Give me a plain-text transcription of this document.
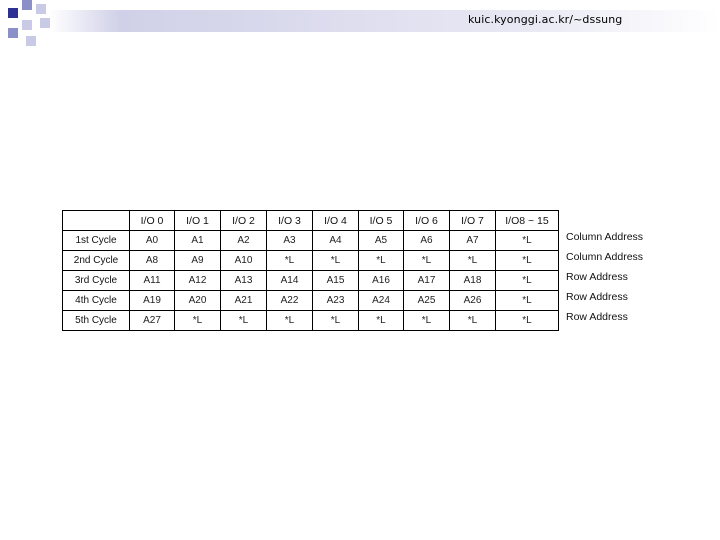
kuic.kyonggi.ac.kr/~dssung
	I/O 0	I/O 1	I/O 2	I/O 3	I/O 4	I/O 5	I/O 6	I/O 7	I/O8 ~ 15
1st Cycle	A0	A1	A2	A3	A4	A5	A6	A7	*L
2nd Cycle	A8	A9	A10	*L	*L	*L	*L	*L	*L
3rd Cycle	A11	A12	A13	A14	A15	A16	A17	A18	*L
4th Cycle	A19	A20	A21	A22	A23	A24	A25	A26	*L
5th Cycle	A27	*L	*L	*L	*L	*L	*L	*L	*L
Column Address
Column Address
Row Address
Row Address
Row Address
